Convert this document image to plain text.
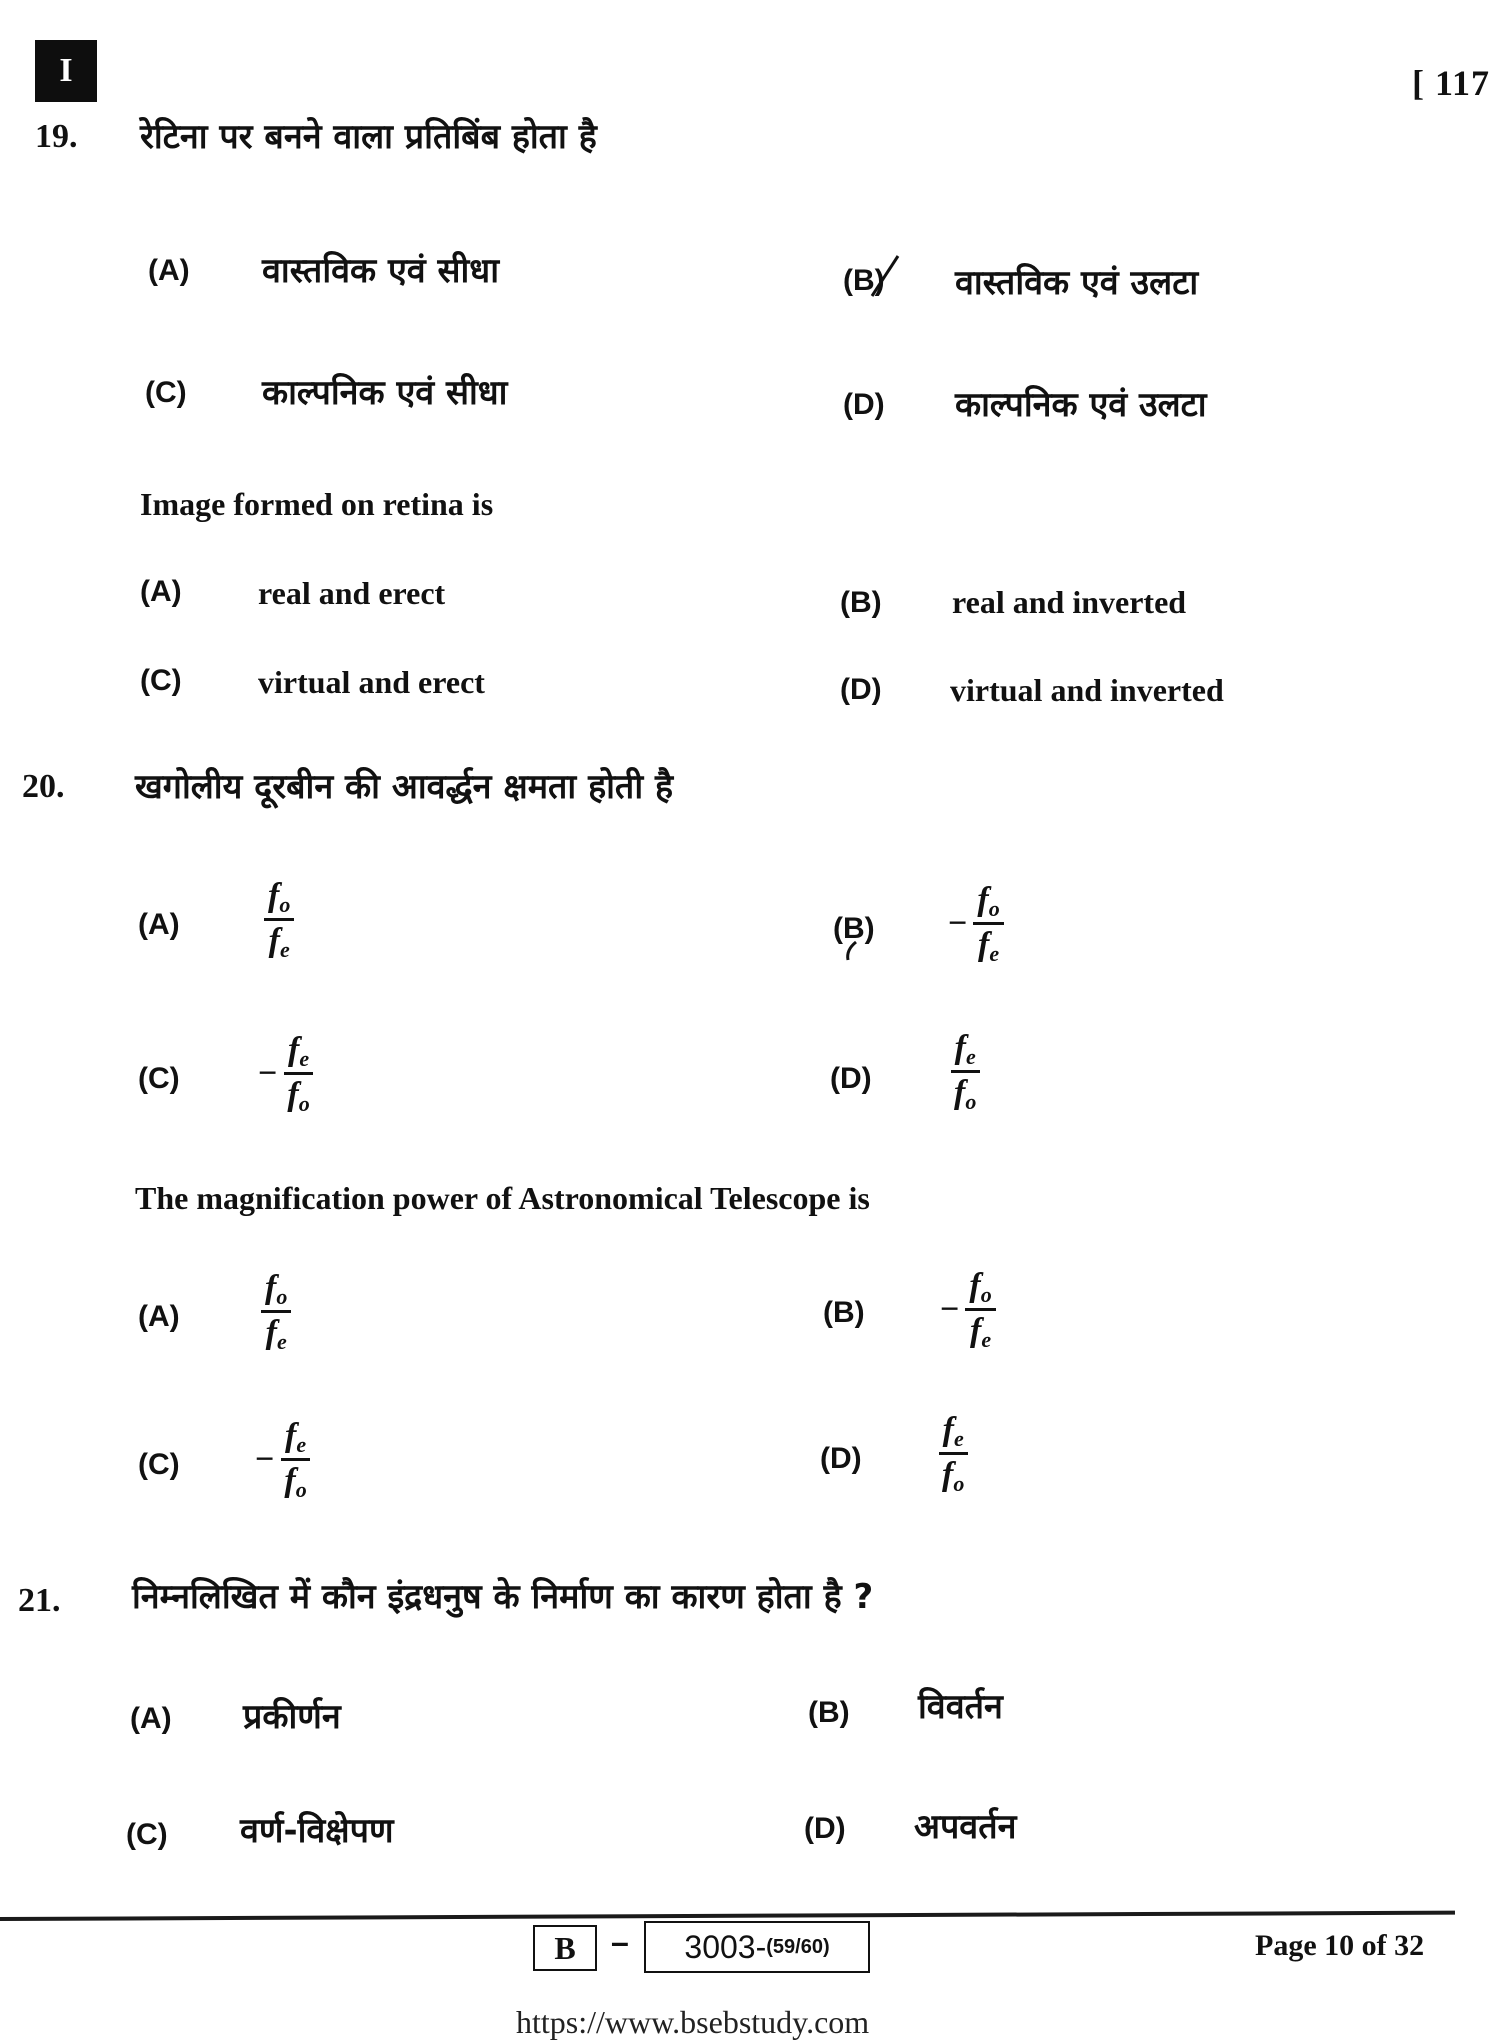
I	[ 117
19. रेटिना पर बनने वाला प्रतिबिंब होता है
(A) वास्तविक एवं सीधा	(B) वास्तविक एवं उलटा
(C) काल्पनिक एवं सीधा	(D) काल्पनिक एवं उलटा
Image formed on retina is
(A) real and erect	(B) real and inverted
(C) virtual and erect	(D) virtual and inverted
20. खगोलीय दूरबीन की आवर्द्धन क्षमता होती है
$(A) \frac{f_o}{f_e}$	$(B) - \frac{f_o}{f_e}$
$(C) - \frac{f_e}{f_o}$	$(D) \frac{f_e}{f_o}$
The magnification power of Astronomical Telescope is
$(A) \frac{f_o}{f_e}$	$(B) - \frac{f_o}{f_e}$
$(C) - \frac{f_e}{f_o}$	$(D) \frac{f_e}{f_o}$
21. निम्नलिखित में कौन इंद्रधनुष के निर्माण का कारण होता है ?
(A) प्रकीर्णन	(B) विवर्तन
(C) वर्ण-विक्षेपण	(D) अपवर्तन
B	– 3003- (59/60)	Page 10 of 32
https://www.bsebstudy.com
